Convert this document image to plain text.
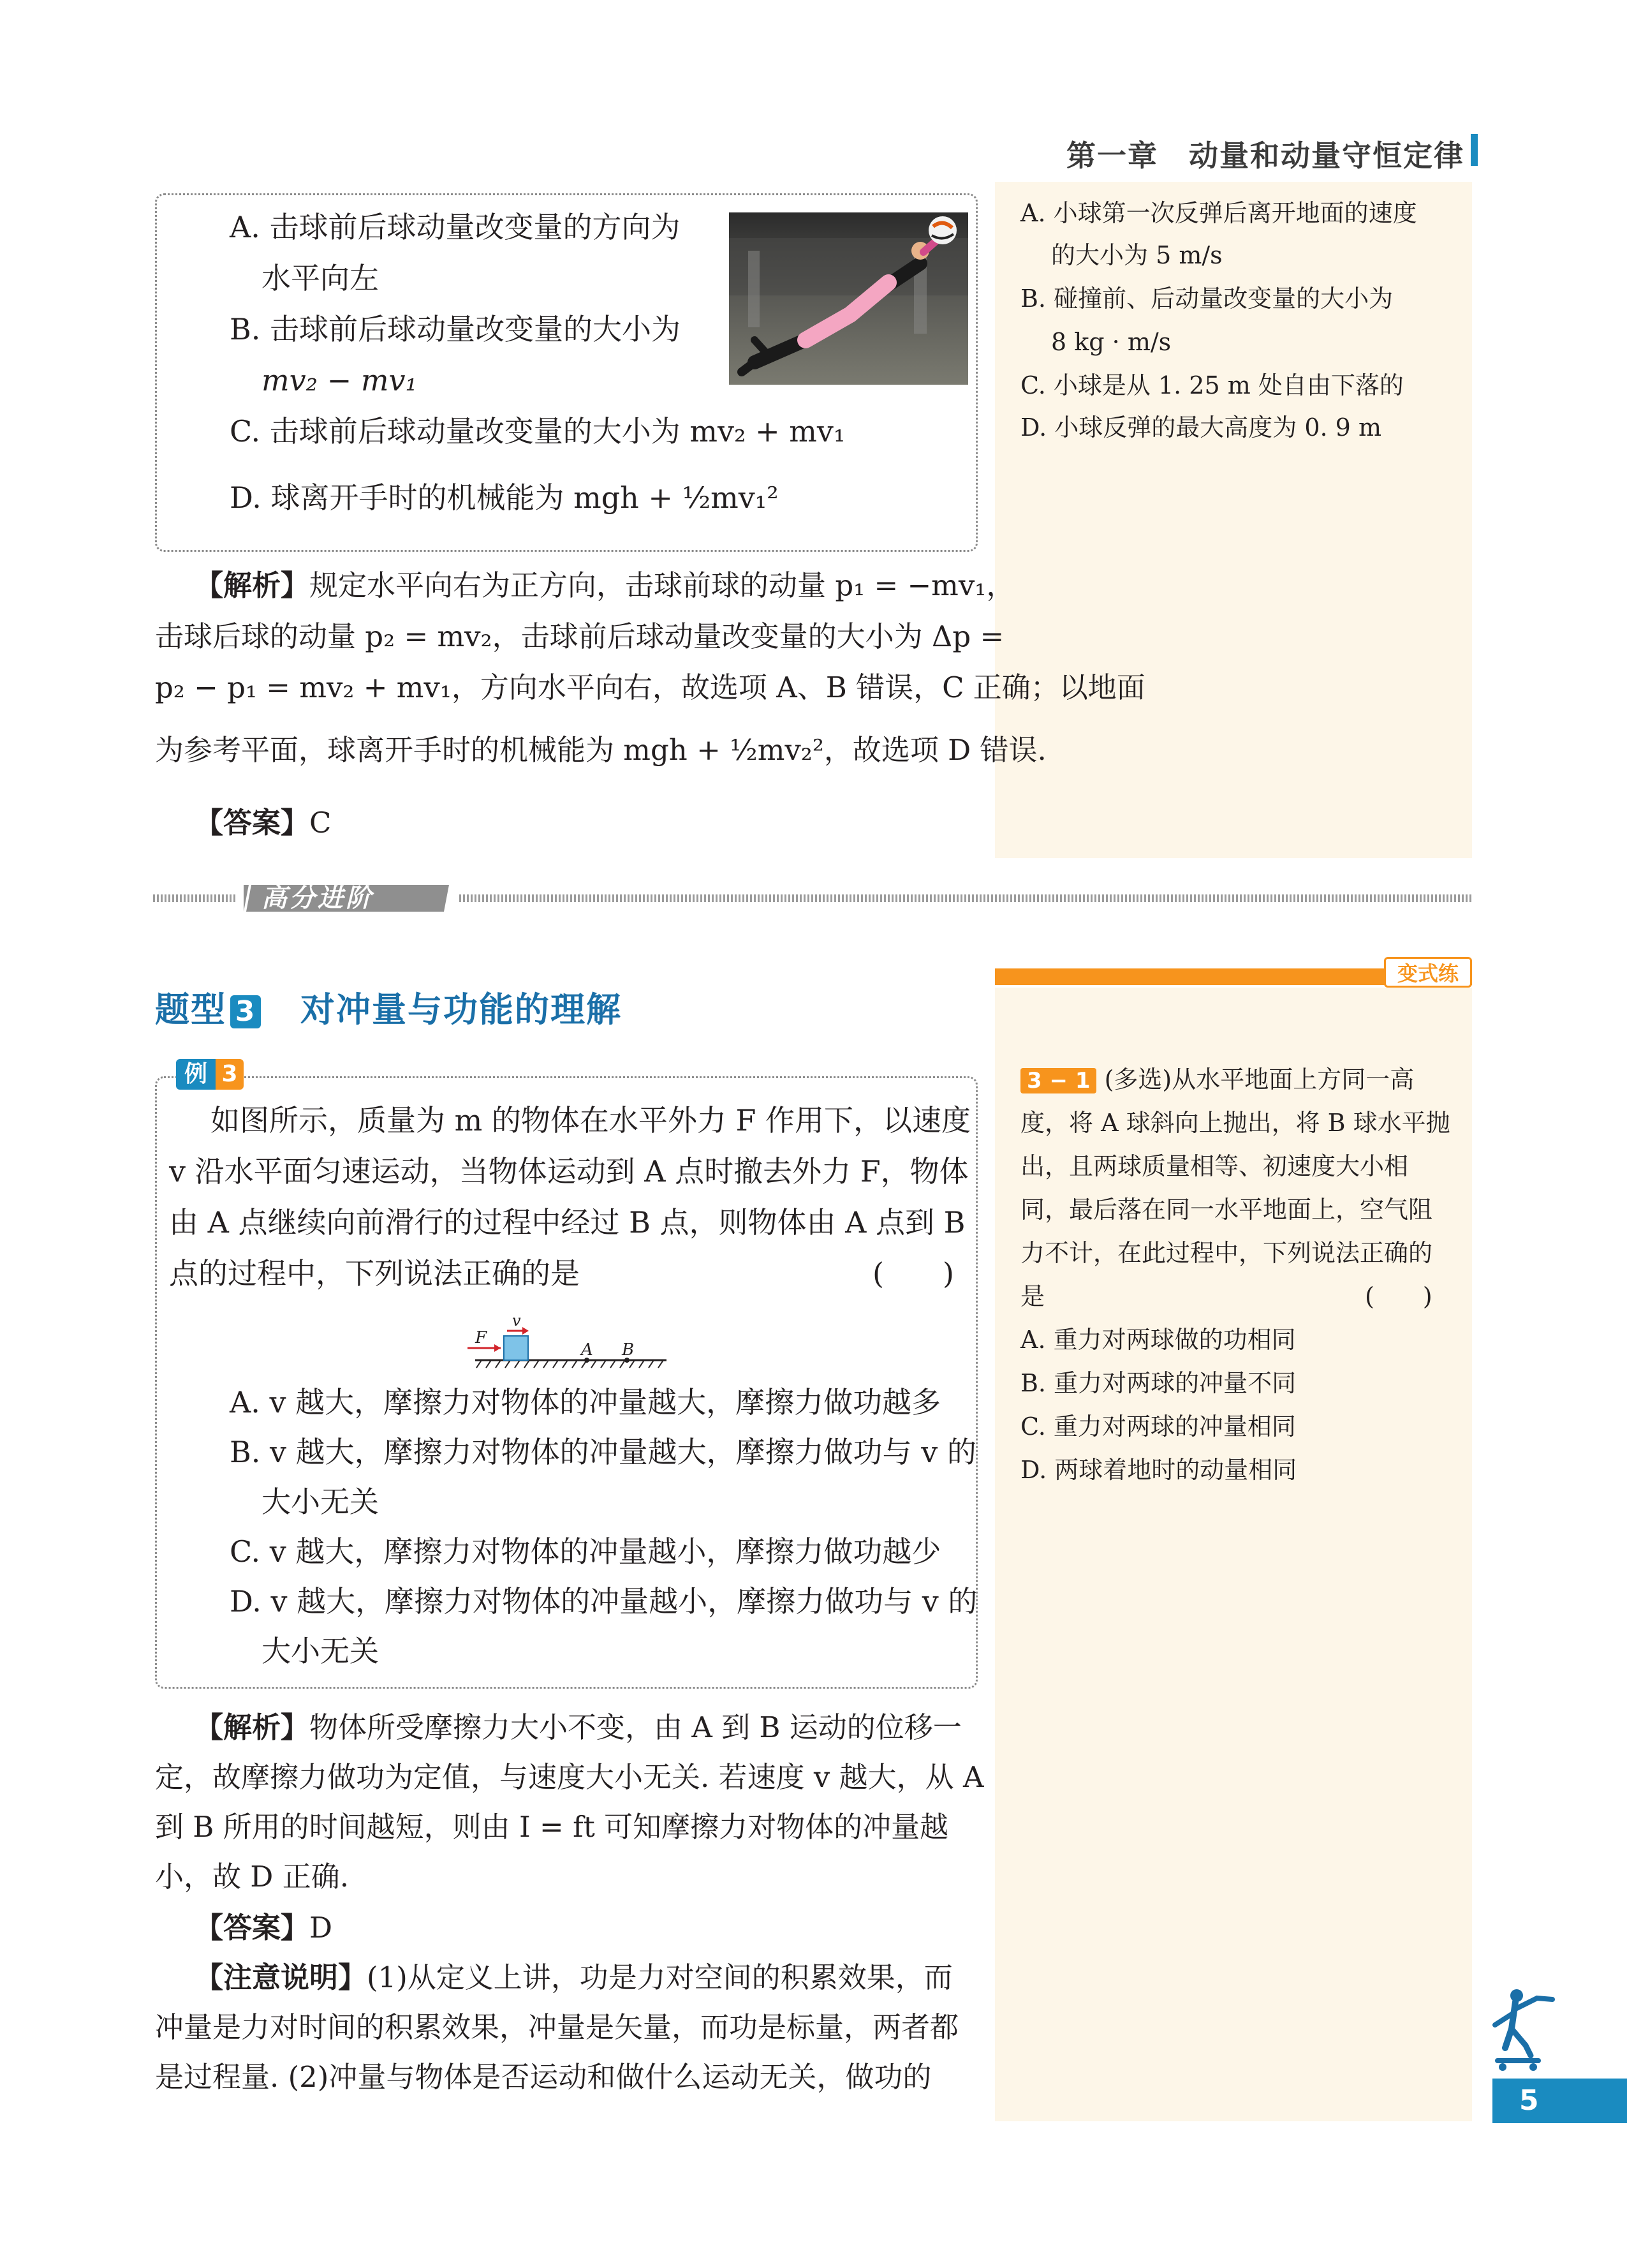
第一章　动量和动量守恒定律
变式练
A. 小球第一次反弹后离开地面的速度
的大小为 5 m/s
B. 碰撞前、后动量改变量的大小为
8 kg · m/s
C. 小球是从 1. 25 m 处自由下落的
D. 小球反弹的最大高度为 0. 9 m
A. 击球前后球动量改变量的方向为
水平向左
B. 击球前后球动量改变量的大小为
mv₂ − mv₁
C. 击球前后球动量改变量的大小为 mv₂ + mv₁
D. 球离开手时的机械能为 mgh + ½mv₁²
【解析】规定水平向右为正方向，击球前球的动量 p₁ = −mv₁，
击球后球的动量 p₂ = mv₂，击球前后球动量改变量的大小为 Δp =
p₂ − p₁ = mv₂ + mv₁，方向水平向右，故选项 A、B 错误，C 正确；以地面
为参考平面，球离开手时的机械能为 mgh + ½mv₂²，故选项 D 错误.
【答案】C
高分进阶
题型 3　 对冲量与功能的理解
例 3
如图所示，质量为 m 的物体在水平外力 F 作用下，以速度
v 沿水平面匀速运动，当物体运动到 A 点时撤去外力 F，物体
由 A 点继续向前滑行的过程中经过 B 点，则物体由 A 点到 B
点的过程中，下列说法正确的是	(　　)
F
v
A B
A. v 越大，摩擦力对物体的冲量越大，摩擦力做功越多
B. v 越大，摩擦力对物体的冲量越大，摩擦力做功与 v 的
大小无关
C. v 越大，摩擦力对物体的冲量越小，摩擦力做功越少
D. v 越大，摩擦力对物体的冲量越小，摩擦力做功与 v 的
大小无关
【解析】物体所受摩擦力大小不变，由 A 到 B 运动的位移一
定，故摩擦力做功为定值，与速度大小无关. 若速度 v 越大，从 A
到 B 所用的时间越短，则由 I = ft 可知摩擦力对物体的冲量越
小，故 D 正确.
【答案】D
【注意说明】(1)从定义上讲，功是力对空间的积累效果，而
冲量是力对时间的积累效果，冲量是矢量，而功是标量，两者都
是过程量. (2)冲量与物体是否运动和做什么运动无关，做功的
3 − 1 (多选)从水平地面上方同一高
度，将 A 球斜向上抛出，将 B 球水平抛
出，且两球质量相等、初速度大小相
同，最后落在同一水平地面上，空气阻
力不计，在此过程中，下列说法正确的
是	(　　)
A. 重力对两球做的功相同
B. 重力对两球的冲量不同
C. 重力对两球的冲量相同
D. 两球着地时的动量相同
5
